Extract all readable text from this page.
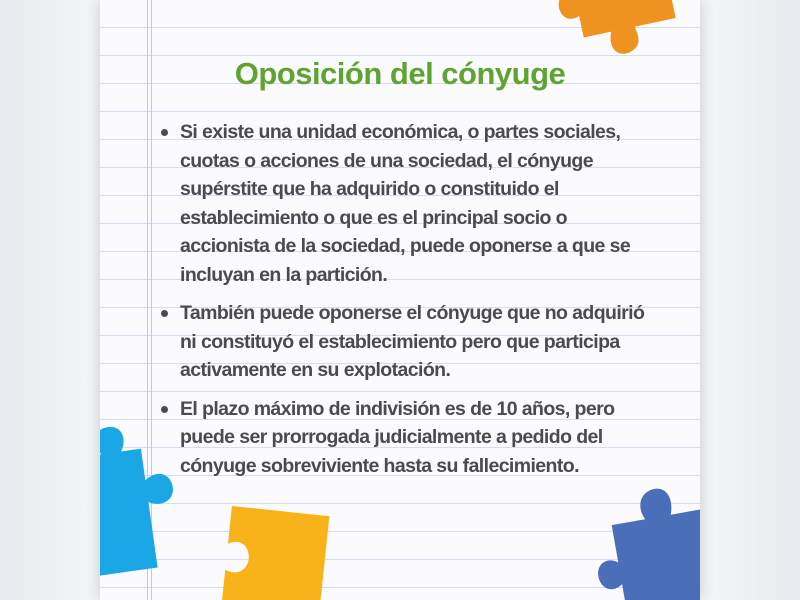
Oposición del cónyuge
Si existe una unidad económica, o partes sociales, cuotas o acciones de una sociedad, el cónyuge supérstite que ha adquirido o constituido el establecimiento o que es el principal socio o accionista de la sociedad, puede oponerse a que se incluyan en la partición.
También puede oponerse el cónyuge que no adquirió ni constituyó el establecimiento pero que participa activamente en su explotación.
El plazo máximo de indivisión es de 10 años, pero puede ser prorrogada judicialmente a pedido del cónyuge sobreviviente hasta su fallecimiento.
